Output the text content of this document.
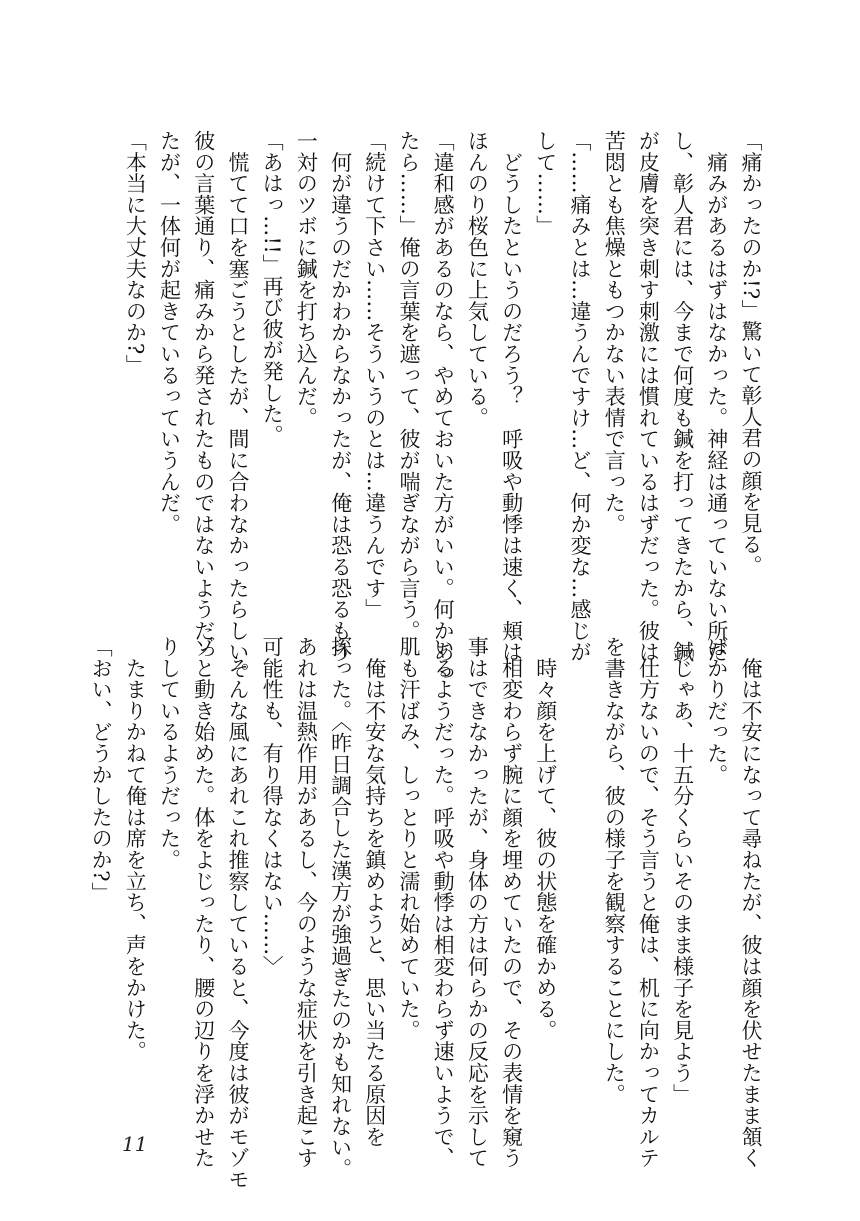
「痛かったのか!?」驚いて彰人君の顔を見る。
　痛みがあるはずはなかった。神経は通っていない所だ
し、彰人君には、今まで何度も鍼を打ってきたから、鍼
が皮膚を突き刺す刺激には慣れているはずだった。彼は
苦悶とも焦燥ともつかない表情で言った。
「……痛みとは…違うんですけ…ど、何か変な…感じが
して……」
　どうしたというのだろう？　呼吸や動悸は速く、頬は
ほんのり桜色に上気している。
「違和感があるのなら、やめておいた方がいい。何かあっ
たら……」俺の言葉を遮って、彼が喘ぎながら言う。
「続けて下さい……そういうのとは…違うんです」
　何が違うのだかわからなかったが、俺は恐る恐るもう
一対のツボに鍼を打ち込んだ。
「あはっ…!!」再び彼が発した。
　慌てて口を塞ごうとしたが、間に合わなかったらしい。
彼の言葉通り、痛みから発されたものではないようだっ
たが、一体何が起きているっていうんだ。
「本当に大丈夫なのか?」
　俺は不安になって尋ねたが、彼は顔を伏せたまま頷く
ばかりだった。
「じゃあ、十五分くらいそのまま様子を見よう」
　仕方ないので、そう言うと俺は、机に向かってカルテ
を書きながら、彼の様子を観察することにした。

　時々顔を上げて、彼の状態を確かめる。
　相変わらず腕に顔を埋めていたので、その表情を窺う
事はできなかったが、身体の方は何らかの反応を示して
いるようだった。呼吸や動悸は相変わらず速いようで、
肌も汗ばみ、しっとりと濡れ始めていた。
　俺は不安な気持ちを鎮めようと、思い当たる原因を
探った。〈昨日調合した漢方が強過ぎたのかも知れない。
あれは温熱作用があるし、今のような症状を引き起こす
可能性も、有り得なくはない……〉
　そんな風にあれこれ推察していると、今度は彼がモゾモ
ゾと動き始めた。体をよじったり、腰の辺りを浮かせた
りしているようだった。
　たまりかねて俺は席を立ち、声をかけた。
「おい、どうかしたのか?」
11
